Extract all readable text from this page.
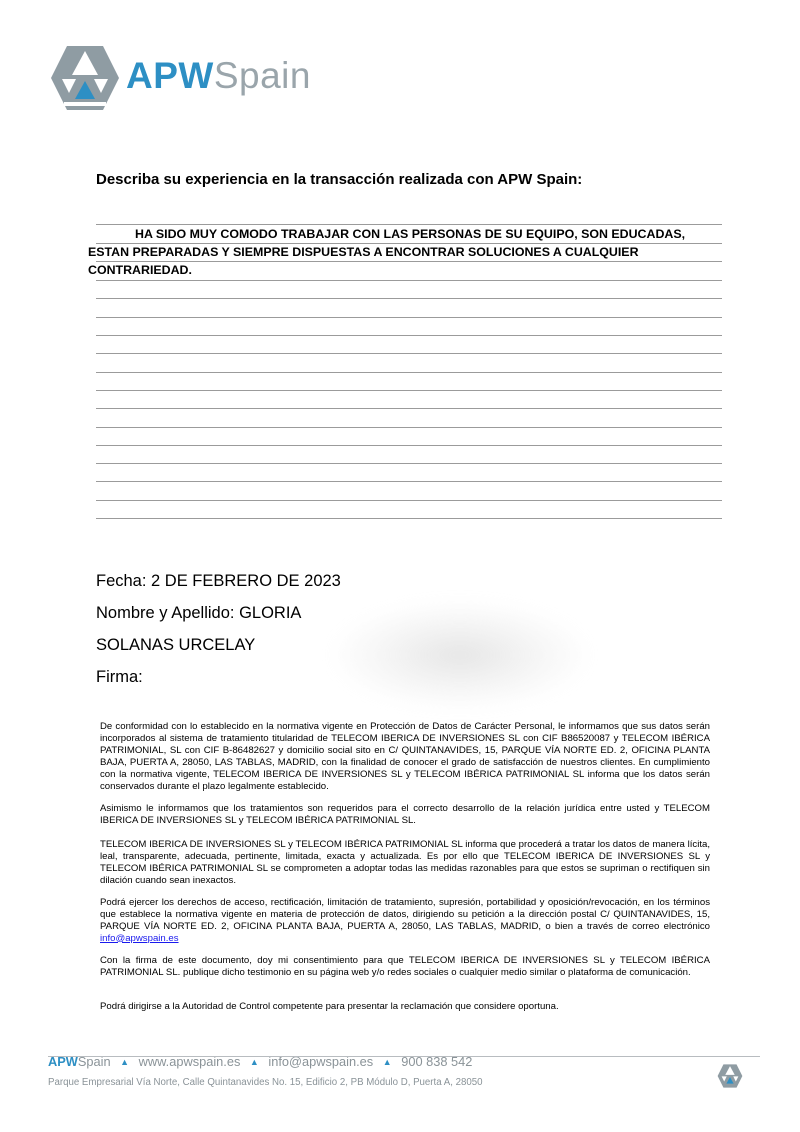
APWSpain
Describa su experiencia en la transacción realizada con APW Spain:
HA SIDO MUY COMODO TRABAJAR CON LAS PERSONAS DE SU EQUIPO, SON EDUCADAS,
ESTAN PREPARADAS Y SIEMPRE DISPUESTAS A ENCONTRAR SOLUCIONES A CUALQUIER
CONTRARIEDAD.
Fecha: 2 DE FEBRERO DE 2023
Nombre y Apellido: GLORIA
SOLANAS URCELAY
Firma:
De conformidad con lo establecido en la normativa vigente en Protección de Datos de Carácter Personal, le informamos que sus datos serán incorporados al sistema de tratamiento titularidad de TELECOM IBERICA DE INVERSIONES SL con CIF B86520087 y TELECOM IBÉRICA PATRIMONIAL, SL con CIF B-86482627 y domicilio social sito en C/ QUINTANAVIDES, 15, PARQUE VÍA NORTE ED. 2, OFICINA PLANTA BAJA, PUERTA A, 28050, LAS TABLAS, MADRID, con la finalidad de conocer el grado de satisfacción de nuestros clientes. En cumplimiento con la normativa vigente, TELECOM IBERICA DE INVERSIONES SL y TELECOM IBÉRICA PATRIMONIAL SL informa que los datos serán conservados durante el plazo legalmente establecido.
Asimismo le informamos que los tratamientos son requeridos para el correcto desarrollo de la relación jurídica entre usted y TELECOM IBERICA DE INVERSIONES SL y TELECOM IBÉRICA PATRIMONIAL SL.
TELECOM IBERICA DE INVERSIONES SL y TELECOM IBÉRICA PATRIMONIAL SL informa que procederá a tratar los datos de manera lícita, leal, transparente, adecuada, pertinente, limitada, exacta y actualizada. Es por ello que TELECOM IBERICA DE INVERSIONES SL y TELECOM IBÉRICA PATRIMONIAL SL se comprometen a adoptar todas las medidas razonables para que estos se supriman o rectifiquen sin dilación cuando sean inexactos.
Podrá ejercer los derechos de acceso, rectificación, limitación de tratamiento, supresión, portabilidad y oposición/revocación, en los términos que establece la normativa vigente en materia de protección de datos, dirigiendo su petición a la dirección postal C/ QUINTANAVIDES, 15, PARQUE VÍA NORTE ED. 2, OFICINA PLANTA BAJA, PUERTA A, 28050, LAS TABLAS, MADRID, o bien a través de correo electrónico info@apwspain.es
Con la firma de este documento, doy mi consentimiento para que TELECOM IBERICA DE INVERSIONES SL y TELECOM IBÉRICA PATRIMONIAL SL. publique dicho testimonio en su página web y/o redes sociales o cualquier medio similar o plataforma de comunicación.
Podrá dirigirse a la Autoridad de Control competente para presentar la reclamación que considere oportuna.
APWSpain ▲ www.apwspain.es ▲ info@apwspain.es ▲ 900 838 542
Parque Empresarial Vía Norte, Calle Quintanavides No. 15, Edificio 2, PB Módulo D, Puerta A, 28050
